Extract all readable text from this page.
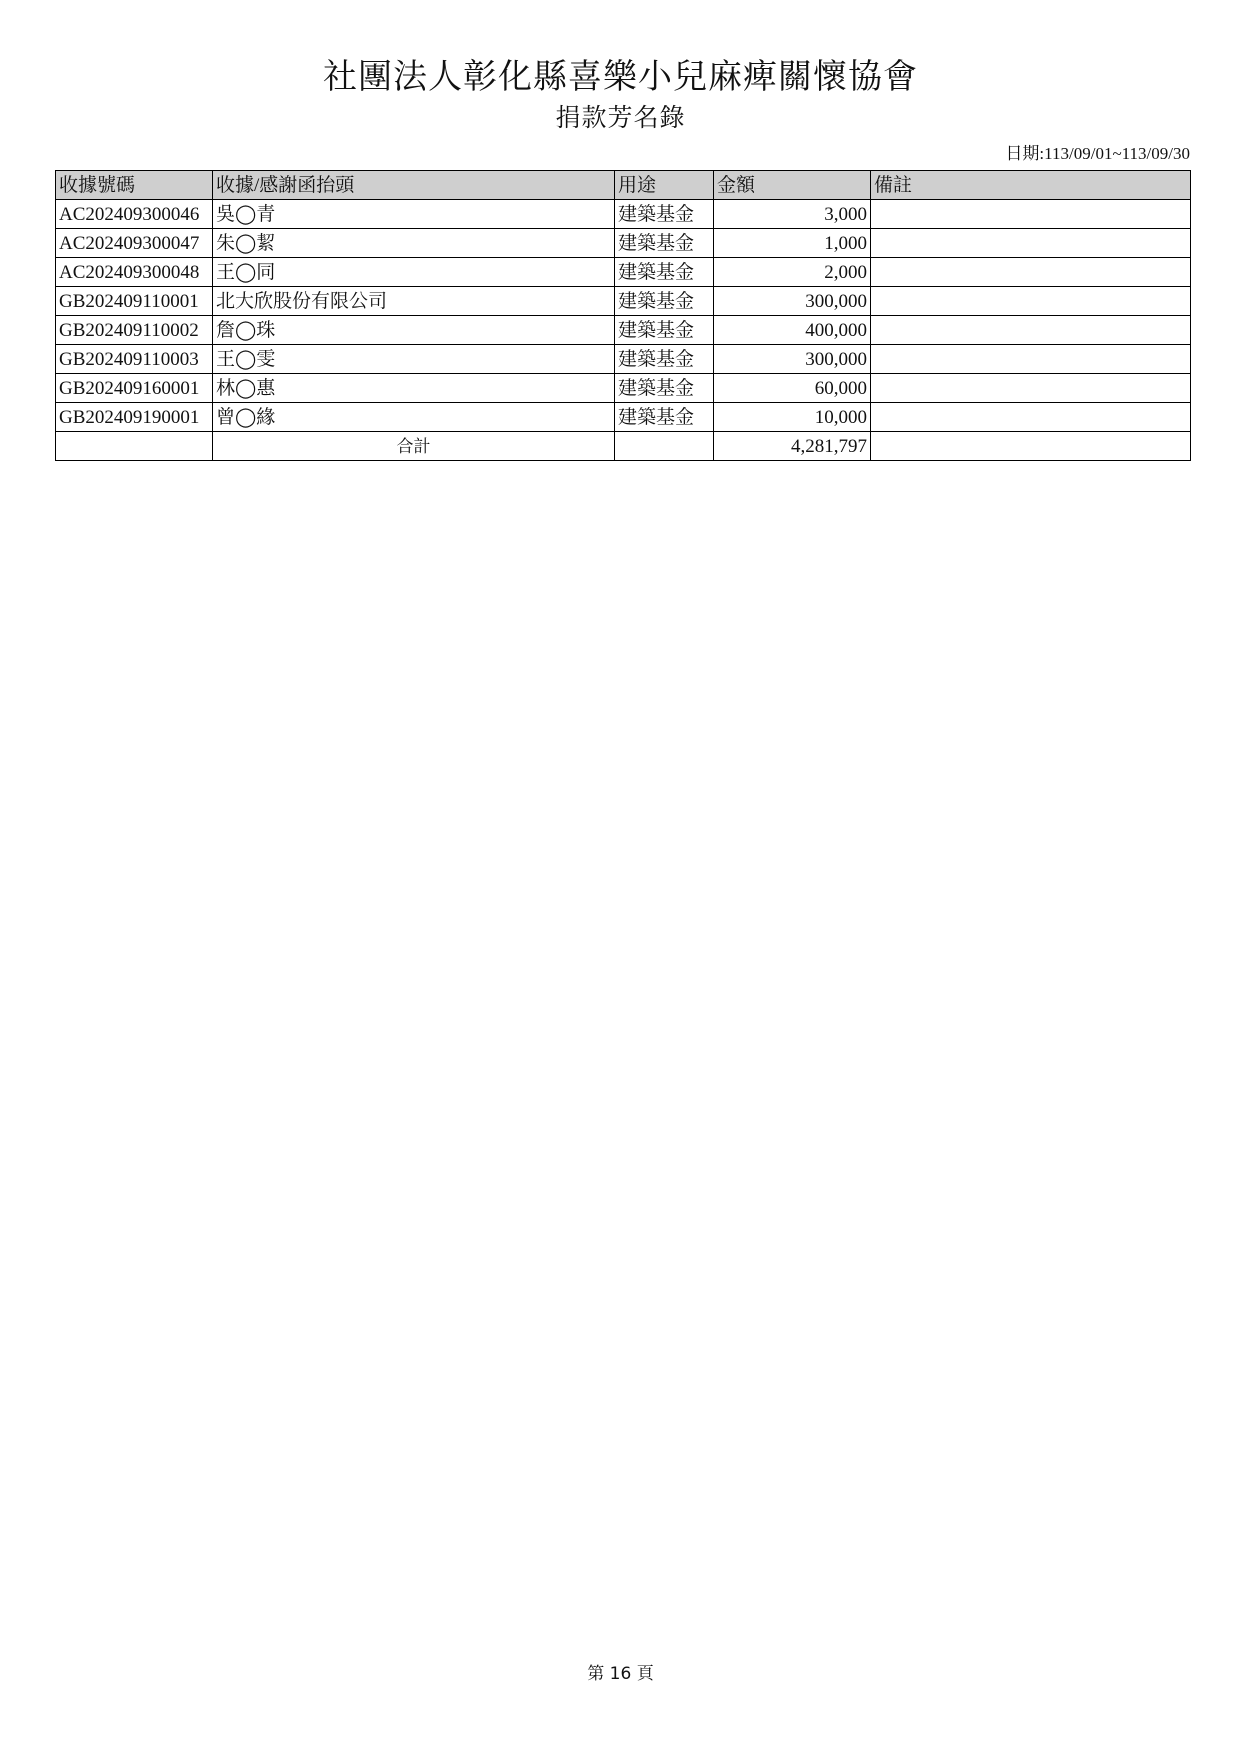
社團法人彰化縣喜樂小兒麻痺關懷協會
捐款芳名錄
日期:113/09/01~113/09/30
收據號碼	收據/感謝函抬頭	用途	金額	備註
AC202409300046	吳◯青	建築基金	3,000	
AC202409300047	朱◯絜	建築基金	1,000	
AC202409300048	王◯同	建築基金	2,000	
GB202409110001	北大欣股份有限公司	建築基金	300,000	
GB202409110002	詹◯珠	建築基金	400,000	
GB202409110003	王◯雯	建築基金	300,000	
GB202409160001	林◯惠	建築基金	60,000	
GB202409190001	曾◯緣	建築基金	10,000	
	合計		4,281,797	
第 16 頁
